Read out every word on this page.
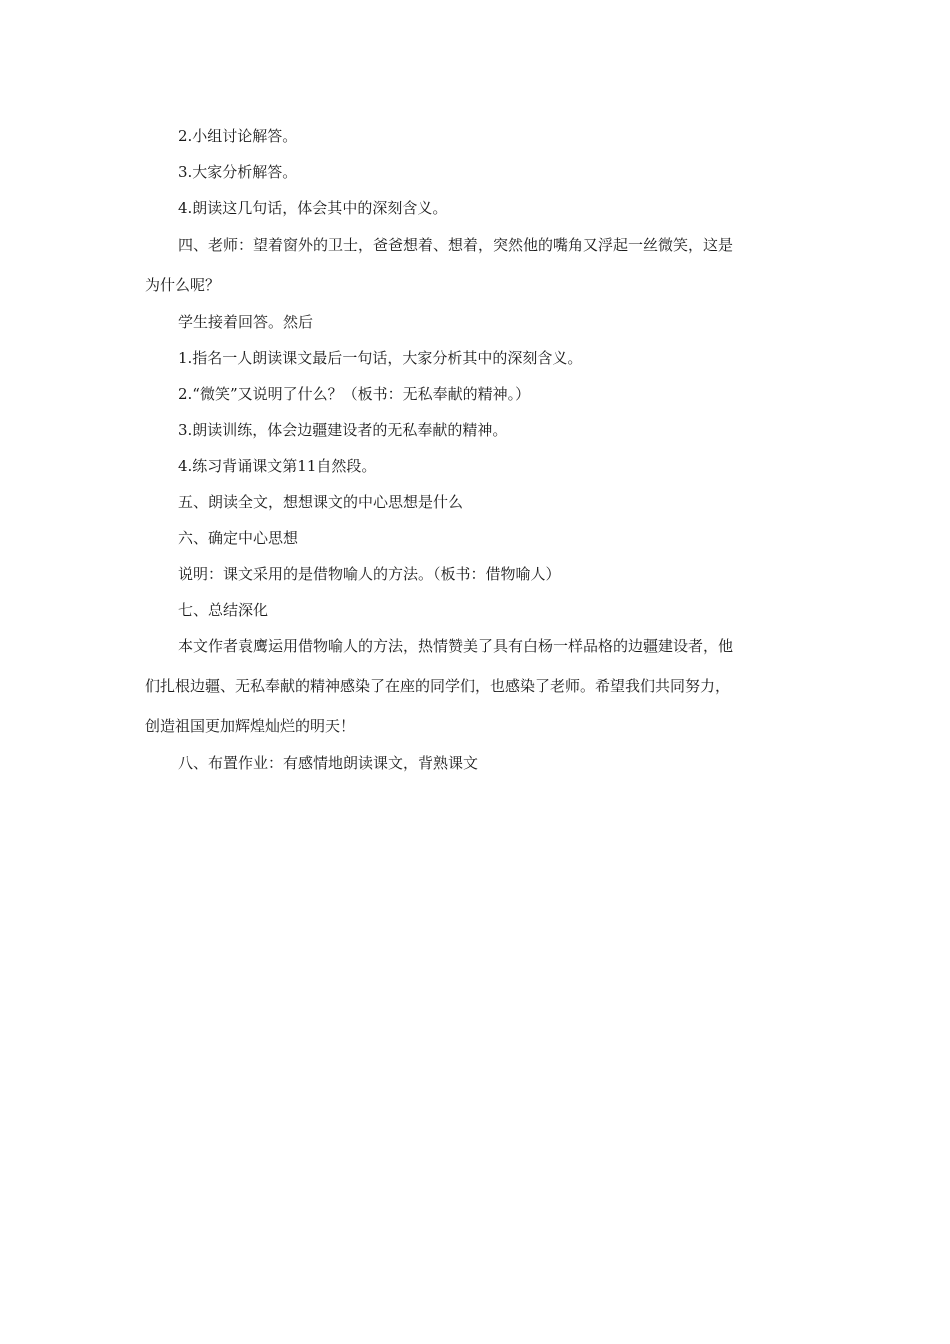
2.小组讨论解答。
3.大家分析解答。
4.朗读这几句话，体会其中的深刻含义。
四、老师：望着窗外的卫士，爸爸想着、想着，突然他的嘴角又浮起一丝微笑，这是
为什么呢？
学生接着回答。然后
1.指名一人朗读课文最后一句话，大家分析其中的深刻含义。
2.“微笑”又说明了什么？（板书：无私奉献的精神。）
3.朗读训练，体会边疆建设者的无私奉献的精神。
4.练习背诵课文第11自然段。
五、朗读全文，想想课文的中心思想是什么
六、确定中心思想
说明：课文采用的是借物喻人的方法。（板书：借物喻人）
七、总结深化
本文作者袁鹰运用借物喻人的方法，热情赞美了具有白杨一样品格的边疆建设者，他
们扎根边疆、无私奉献的精神感染了在座的同学们，也感染了老师。希望我们共同努力，
创造祖国更加辉煌灿烂的明天！
八、布置作业：有感情地朗读课文，背熟课文
